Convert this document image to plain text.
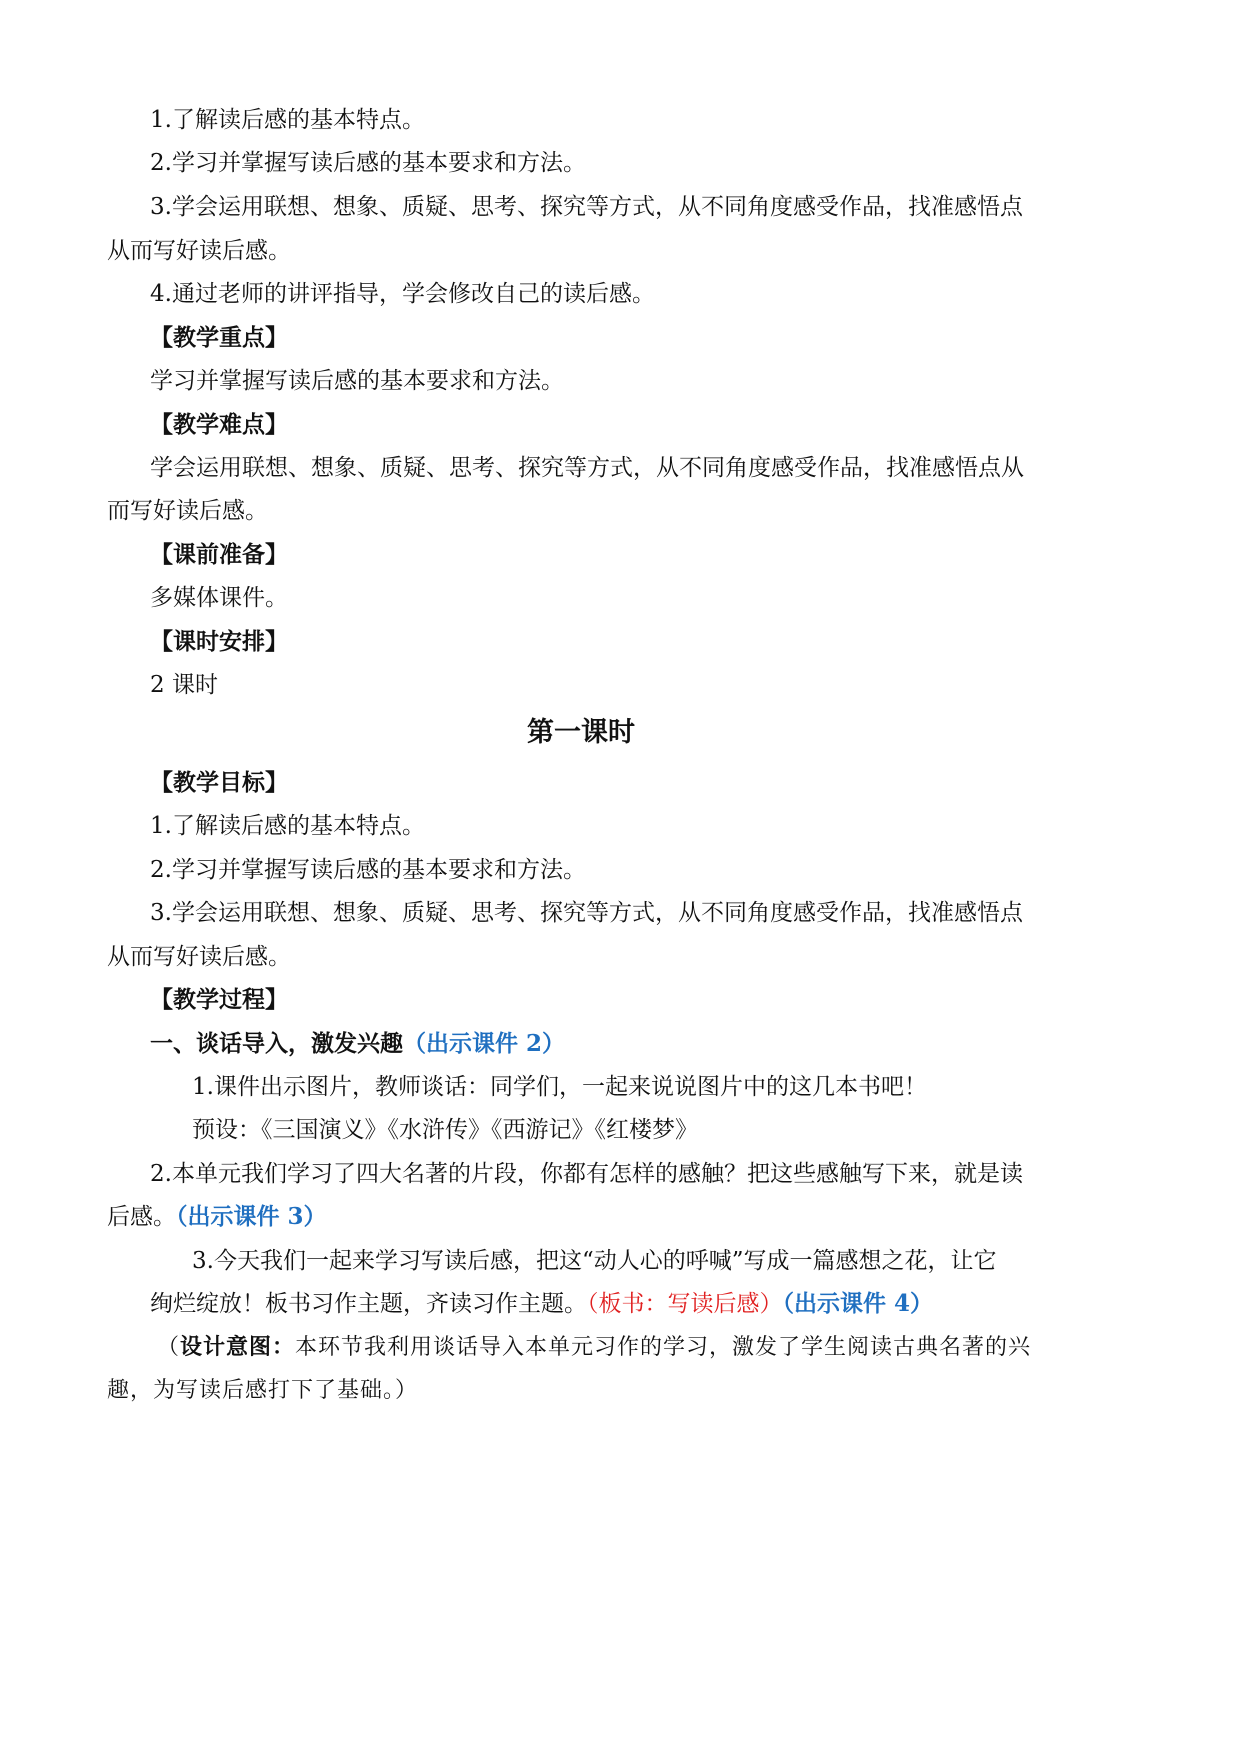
1.了解读后感的基本特点。
2.学习并掌握写读后感的基本要求和方法。
3.学会运用联想、想象、质疑、思考、探究等方式，从不同角度感受作品，找准感悟点
从而写好读后感。
4.通过老师的讲评指导，学会修改自己的读后感。
【教学重点】
学习并掌握写读后感的基本要求和方法。
【教学难点】
学会运用联想、想象、质疑、思考、探究等方式，从不同角度感受作品，找准感悟点从
而写好读后感。
【课前准备】
多媒体课件。
【课时安排】
2 课时
第一课时
【教学目标】
1.了解读后感的基本特点。
2.学习并掌握写读后感的基本要求和方法。
3.学会运用联想、想象、质疑、思考、探究等方式，从不同角度感受作品，找准感悟点
从而写好读后感。
【教学过程】
一、谈话导入，激发兴趣（出示课件 2）
1.课件出示图片，教师谈话：同学们，一起来说说图片中的这几本书吧！
预设：《三国演义》《水浒传》《西游记》《红楼梦》
2.本单元我们学习了四大名著的片段，你都有怎样的感触？把这些感触写下来，就是读
后感。（出示课件 3）
3.今天我们一起来学习写读后感，把这“动人心的呼喊”写成一篇感想之花，让它
绚烂绽放！板书习作主题，齐读习作主题。（板书：写读后感）（出示课件 4）
（设计意图：本环节我利用谈话导入本单元习作的学习，激发了学生阅读古典名著的兴
趣，为写读后感打下了基础。）
